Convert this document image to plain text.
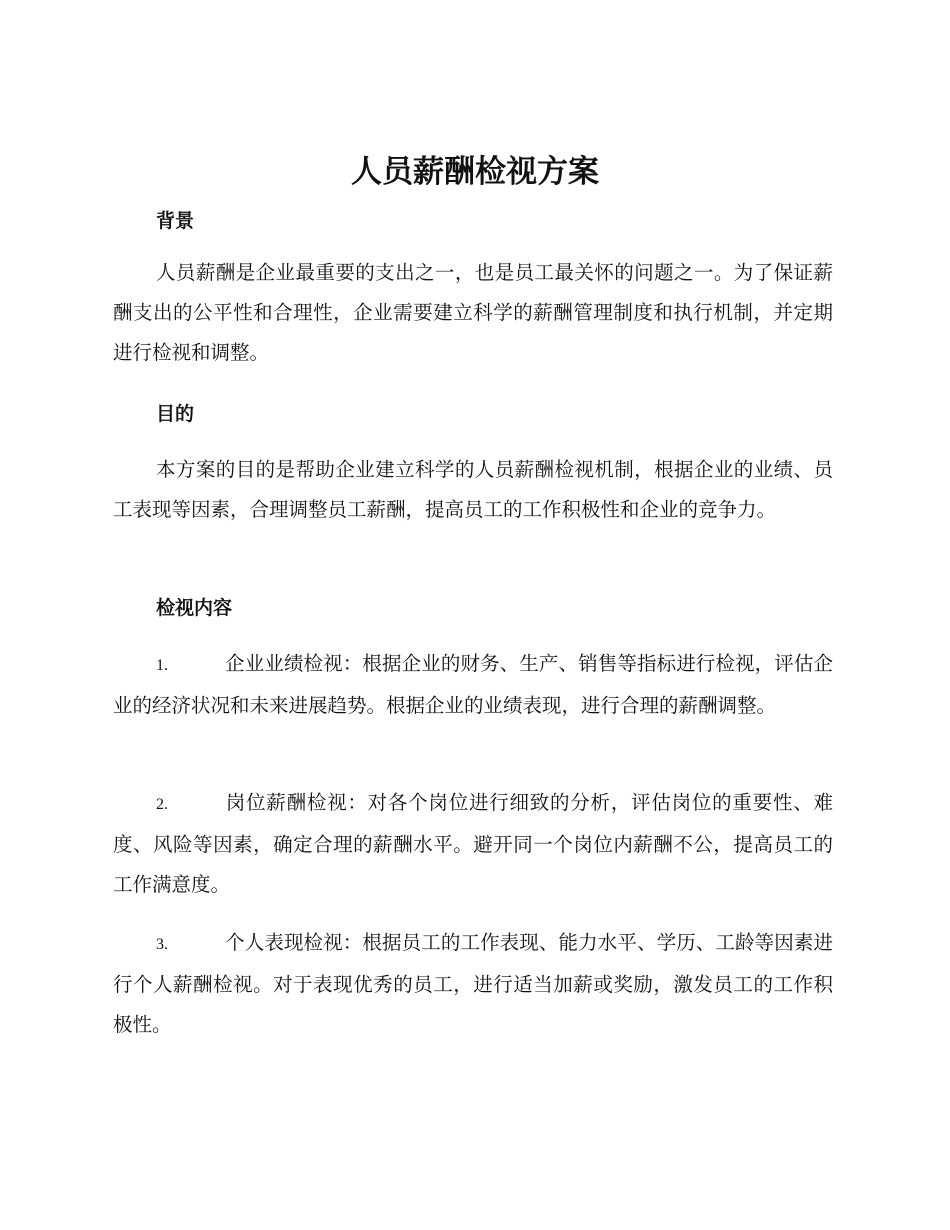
人员薪酬检视方案
背景

人员薪酬是企业最重要的支出之一，也是员工最关怀的问题之一。为了保证薪酬支出的公平性和合理性，企业需要建立科学的薪酬管理制度和执行机制，并定期进行检视和调整。

目的

本方案的目的是帮助企业建立科学的人员薪酬检视机制，根据企业的业绩、员工表现等因素，合理调整员工薪酬，提高员工的工作积极性和企业的竞争力。

检视内容

1.	企业业绩检视：根据企业的财务、生产、销售等指标进行检视，评估企业的经济状况和未来进展趋势。根据企业的业绩表现，进行合理的薪酬调整。

2.	岗位薪酬检视：对各个岗位进行细致的分析，评估岗位的重要性、难度、风险等因素，确定合理的薪酬水平。避开同一个岗位内薪酬不公，提高员工的工作满意度。

3.	个人表现检视：根据员工的工作表现、能力水平、学历、工龄等因素进行个人薪酬检视。对于表现优秀的员工，进行适当加薪或奖励，激发员工的工作积极性。
